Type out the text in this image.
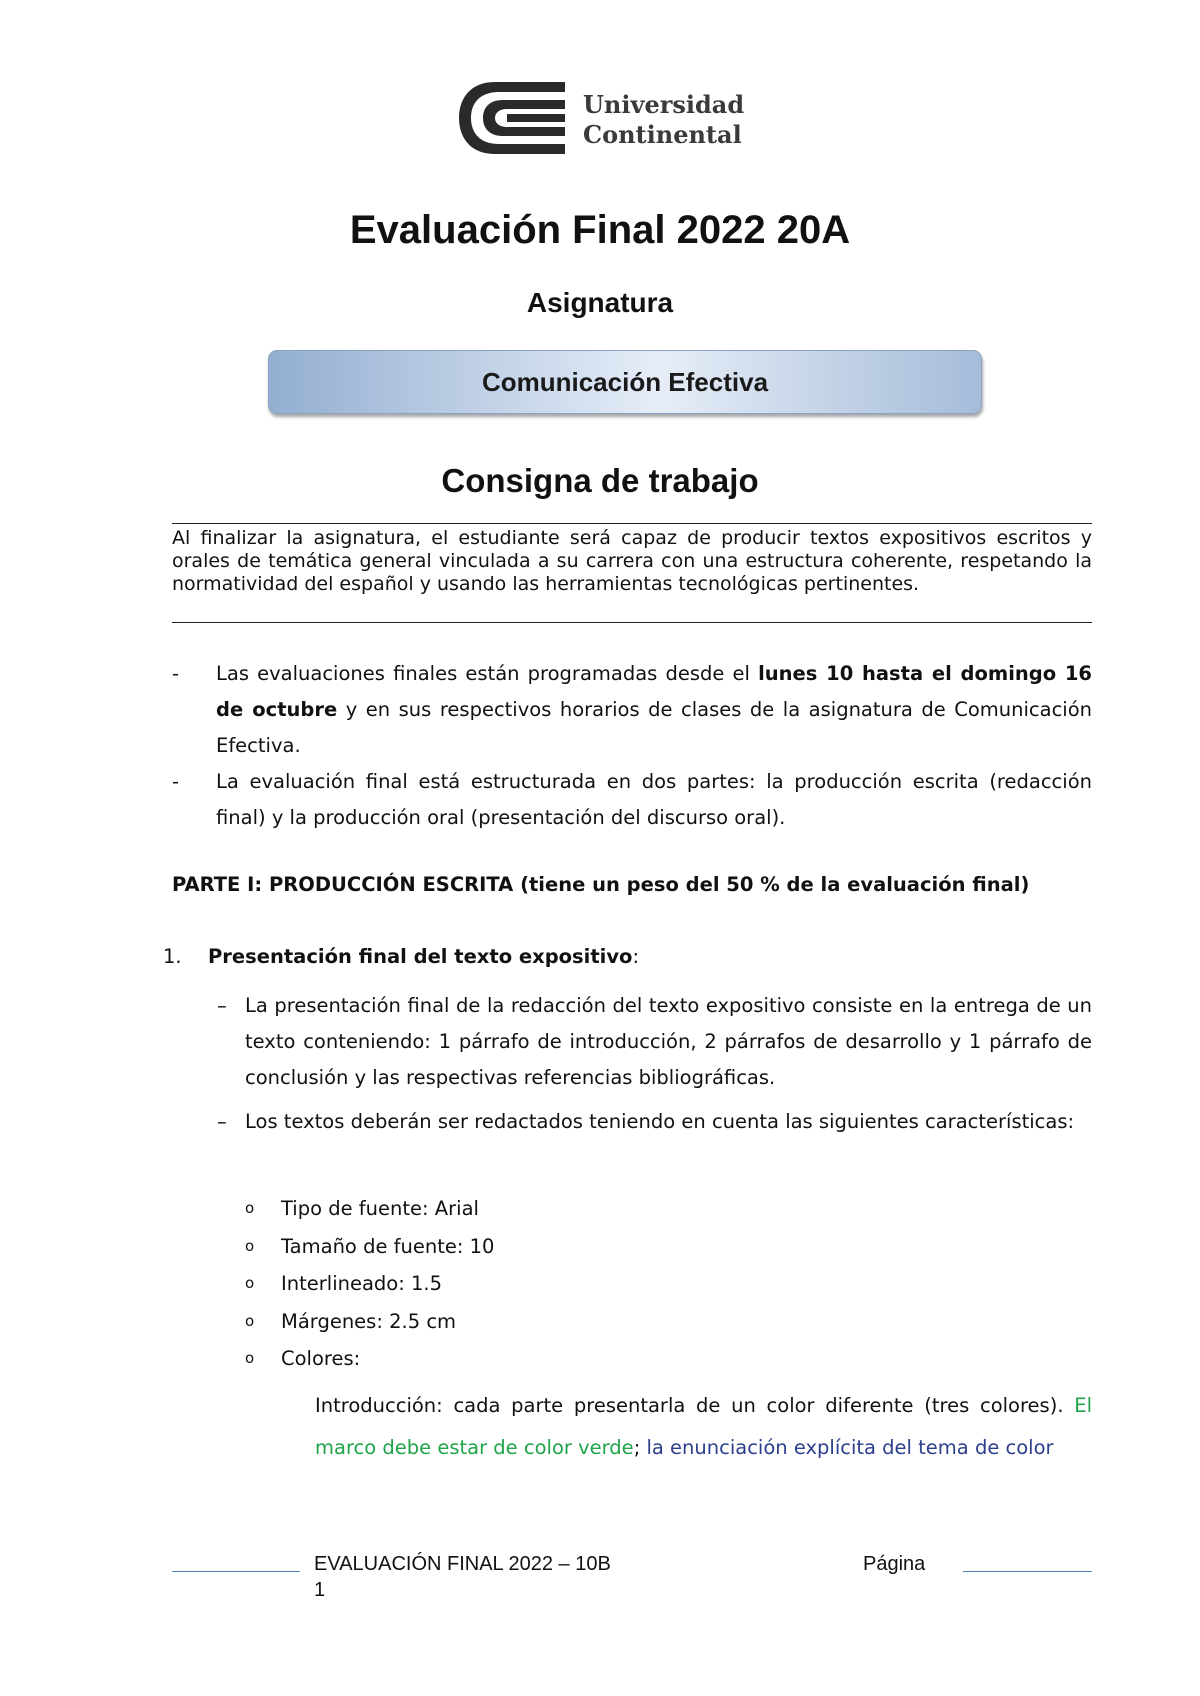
Universidad
Continental
Evaluación Final 2022 20A
Asignatura
Comunicación Efectiva
Consigna de trabajo
Al finalizar la asignatura, el estudiante será capaz de producir textos expositivos escritos y orales de temática general vinculada a su carrera con una estructura coherente, respetando la normatividad del español y usando las herramientas tecnológicas pertinentes.
- Las evaluaciones finales están programadas desde el lunes 10 hasta el domingo 16 de octubre y en sus respectivos horarios de clases de la asignatura de Comunicación Efectiva.
- La evaluación final está estructurada en dos partes: la producción escrita (redacción final) y la producción oral (presentación del discurso oral).
PARTE I: PRODUCCIÓN ESCRITA (tiene un peso del 50 % de la evaluación final)
1. Presentación final del texto expositivo:
– La presentación final de la redacción del texto expositivo consiste en la entrega de un texto conteniendo: 1 párrafo de introducción, 2 párrafos de desarrollo y 1 párrafo de conclusión y las respectivas referencias bibliográficas.
– Los textos deberán ser redactados teniendo en cuenta las siguientes características:
o Tipo de fuente: Arial
o Tamaño de fuente: 10
o Interlineado: 1.5
o Márgenes: 2.5 cm
o Colores:
Introducción: cada parte presentarla de un color diferente (tres colores). El marco debe estar de color verde; la enunciación explícita del tema de color
EVALUACIÓN FINAL 2022 – 10B
1
Página
